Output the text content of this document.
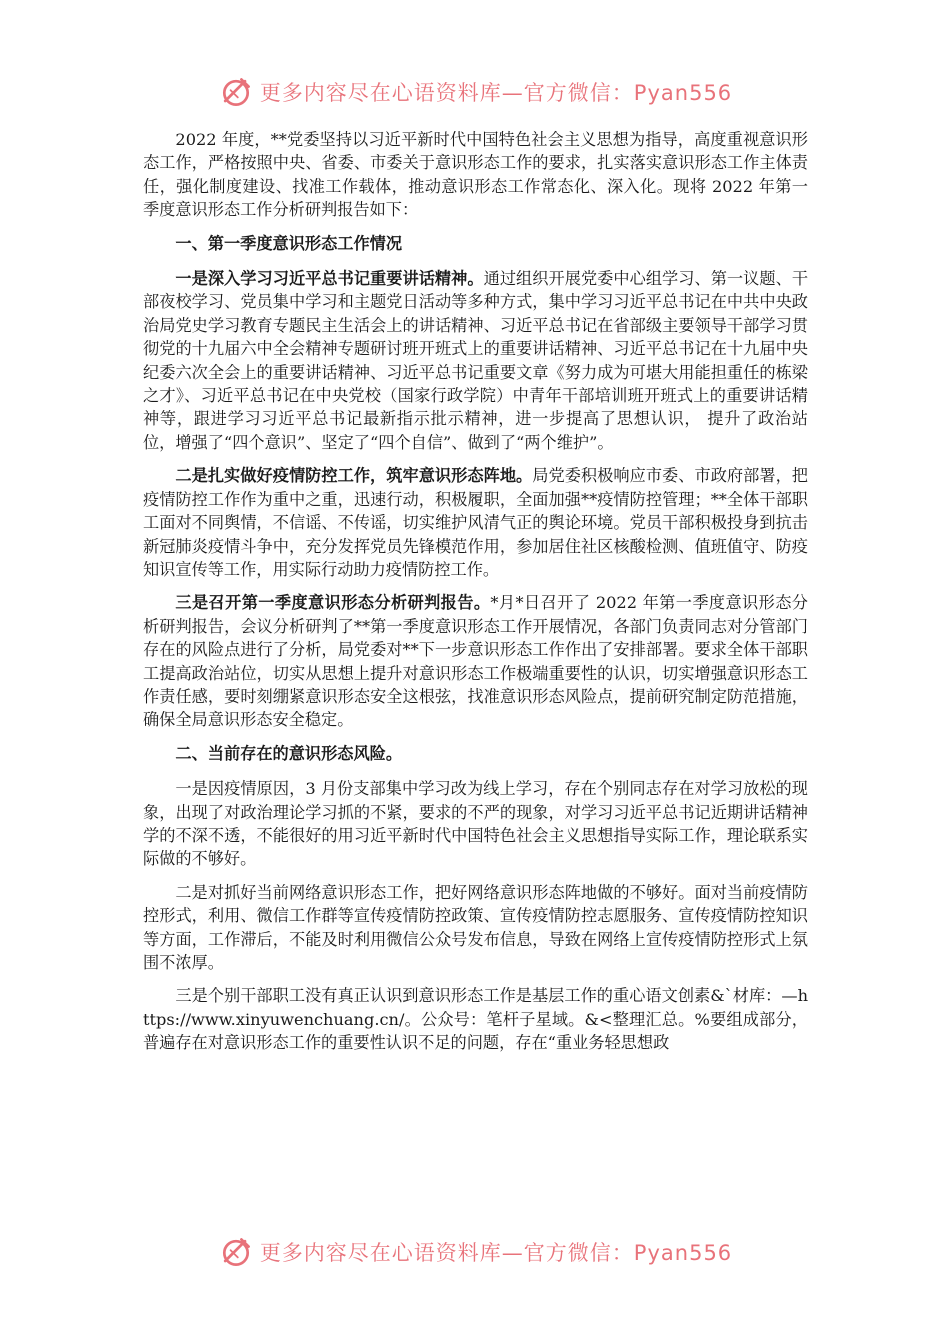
更多内容尽在心语资料库—官方微信：Pyan556

2022 年度，**党委坚持以习近平新时代中国特色社会主义思想为指导，高度重视意识形态工作，严格按照中央、省委、市委关于意识形态工作的要求，扎实落实意识形态工作主体责任，强化制度建设、找准工作载体，推动意识形态工作常态化、深入化。现将 2022 年第一季度意识形态工作分析研判报告如下：

一、第一季度意识形态工作情况

一是深入学习习近平总书记重要讲话精神。通过组织开展党委中心组学习、第一议题、干部夜校学习、党员集中学习和主题党日活动等多种方式，集中学习习近平总书记在中共中央政治局党史学习教育专题民主生活会上的讲话精神、习近平总书记在省部级主要领导干部学习贯彻党的十九届六中全会精神专题研讨班开班式上的重要讲话精神、习近平总书记在十九届中央纪委六次全会上的重要讲话精神、习近平总书记重要文章《努力成为可堪大用能担重任的栋梁之才》、习近平总书记在中央党校（国家行政学院）中青年干部培训班开班式上的重要讲话精神等，跟进学习习近平总书记最新指示批示精神，进一步提高了思想认识， 提升了政治站位，增强了“四个意识”、坚定了“四个自信”、做到了“两个维护”。

二是扎实做好疫情防控工作，筑牢意识形态阵地。局党委积极响应市委、市政府部署，把疫情防控工作作为重中之重，迅速行动，积极履职，全面加强**疫情防控管理；**全体干部职工面对不同舆情，不信谣、不传谣，切实维护风清气正的舆论环境。党员干部积极投身到抗击新冠肺炎疫情斗争中，充分发挥党员先锋模范作用，参加居住社区核酸检测、值班值守、防疫知识宣传等工作，用实际行动助力疫情防控工作。

三是召开第一季度意识形态分析研判报告。*月*日召开了 2022 年第一季度意识形态分析研判报告，会议分析研判了**第一季度意识形态工作开展情况，各部门负责同志对分管部门存在的风险点进行了分析，局党委对**下一步意识形态工作作出了安排部署。要求全体干部职工提高政治站位，切实从思想上提升对意识形态工作极端重要性的认识，切实增强意识形态工作责任感，要时刻绷紧意识形态安全这根弦，找准意识形态风险点，提前研究制定防范措施，确保全局意识形态安全稳定。

二、当前存在的意识形态风险。

一是因疫情原因，3 月份支部集中学习改为线上学习，存在个别同志存在对学习放松的现象，出现了对政治理论学习抓的不紧，要求的不严的现象，对学习习近平总书记近期讲话精神学的不深不透，不能很好的用习近平新时代中国特色社会主义思想指导实际工作，理论联系实际做的不够好。

二是对抓好当前网络意识形态工作，把好网络意识形态阵地做的不够好。面对当前疫情防控形式，利用、微信工作群等宣传疫情防控政策、宣传疫情防控志愿服务、宣传疫情防控知识等方面，工作滞后，不能及时利用微信公众号发布信息，导致在网络上宣传疫情防控形式上氛围不浓厚。

三是个别干部职工没有真正认识到意识形态工作是基层工作的重心语文创素&`材库：—https://www.xinyuwenchuang.cn/。公众号：笔杆子星域。&<整理汇总。%要组成部分，普遍存在对意识形态工作的重要性认识不足的问题，存在“重业务轻思想政

更多内容尽在心语资料库—官方微信：Pyan556
